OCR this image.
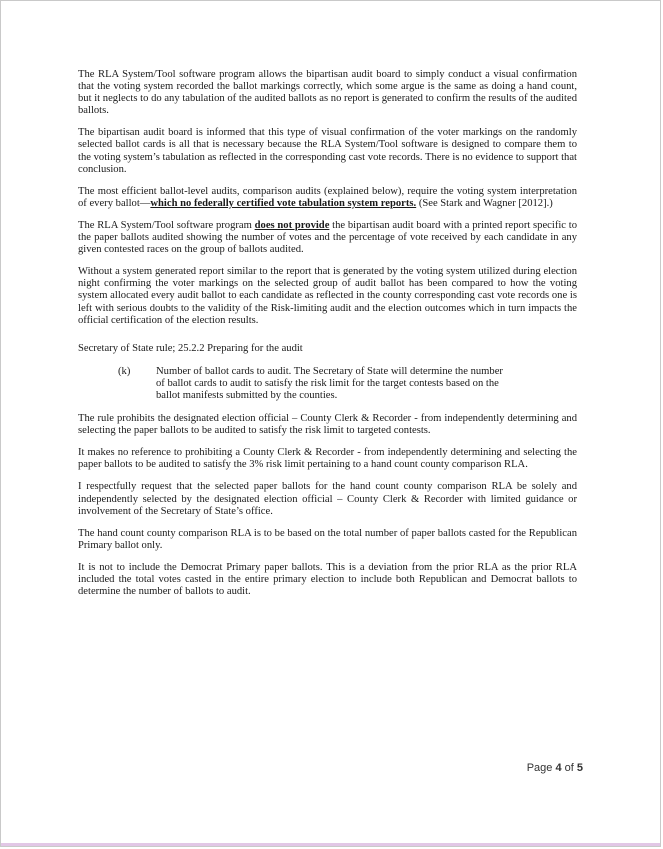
The RLA System/Tool software program allows the bipartisan audit board to simply conduct a visual confirmation that the voting system recorded the ballot markings correctly, which some argue is the same as doing a hand count, but it neglects to do any tabulation of the audited ballots as no report is generated to confirm the results of the audited ballots.

The bipartisan audit board is informed that this type of visual confirmation of the voter markings on the randomly selected ballot cards is all that is necessary because the RLA System/Tool software is designed to compare them to the voting system’s tabulation as reflected in the corresponding cast vote records. There is no evidence to support that conclusion.

The most efficient ballot-level audits, comparison audits (explained below), require the voting system interpretation of every ballot—which no federally certified vote tabulation system reports. (See Stark and Wagner [2012].)

The RLA System/Tool software program does not provide the bipartisan audit board with a printed report specific to the paper ballots audited showing the number of votes and the percentage of vote received by each candidate in any given contested races on the group of ballots audited.

Without a system generated report similar to the report that is generated by the voting system utilized during election night confirming the voter markings on the selected group of audit ballot has been compared to how the voting system allocated every audit ballot to each candidate as reflected in the county corresponding cast vote records one is left with serious doubts to the validity of the Risk-limiting audit and the election outcomes which in turn impacts the official certification of the election results.

Secretary of State rule; 25.2.2 Preparing for the audit

(k)	Number of ballot cards to audit. The Secretary of State will determine the number
of ballot cards to audit to satisfy the risk limit for the target contests based on the
ballot manifests submitted by the counties.

The rule prohibits the designated election official – County Clerk & Recorder - from independently determining and selecting the paper ballots to be audited to satisfy the risk limit to targeted contests.

It makes no reference to prohibiting a County Clerk & Recorder - from independently determining and selecting the paper ballots to be audited to satisfy the 3% risk limit pertaining to a hand count county comparison RLA.

I respectfully request that the selected paper ballots for the hand count county comparison RLA be solely and independently selected by the designated election official – County Clerk & Recorder with limited guidance or involvement of the Secretary of State’s office.

The hand count county comparison RLA is to be based on the total number of paper ballots casted for the Republican Primary ballot only.

It is not to include the Democrat Primary paper ballots. This is a deviation from the prior RLA as the prior RLA included the total votes casted in the entire primary election to include both Republican and Democrat ballots to determine the number of ballots to audit.

Page 4 of 5
